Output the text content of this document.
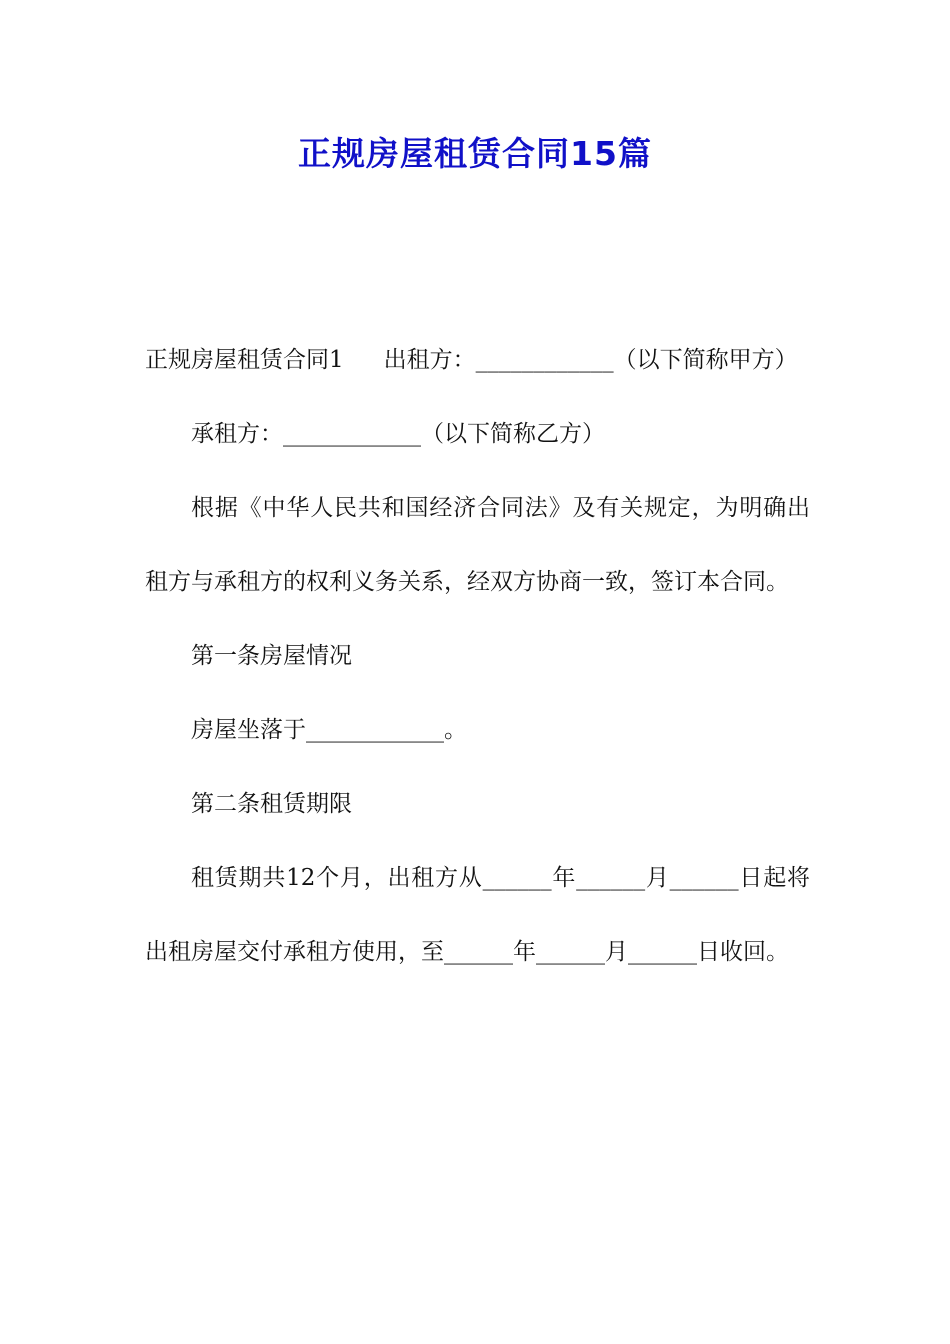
正规房屋租赁合同15篇

正规房屋租赁合同1 出租方：____________（以下简称甲方）

承租方：____________（以下简称乙方）

根据《中华人民共和国经济合同法》及有关规定，为明确出租方与承租方的权利义务关系，经双方协商一致，签订本合同。

第一条房屋情况

房屋坐落于____________。

第二条租赁期限

租赁期共12个月，出租方从______年______月______日起将出租房屋交付承租方使用，至______年______月______日收回。
